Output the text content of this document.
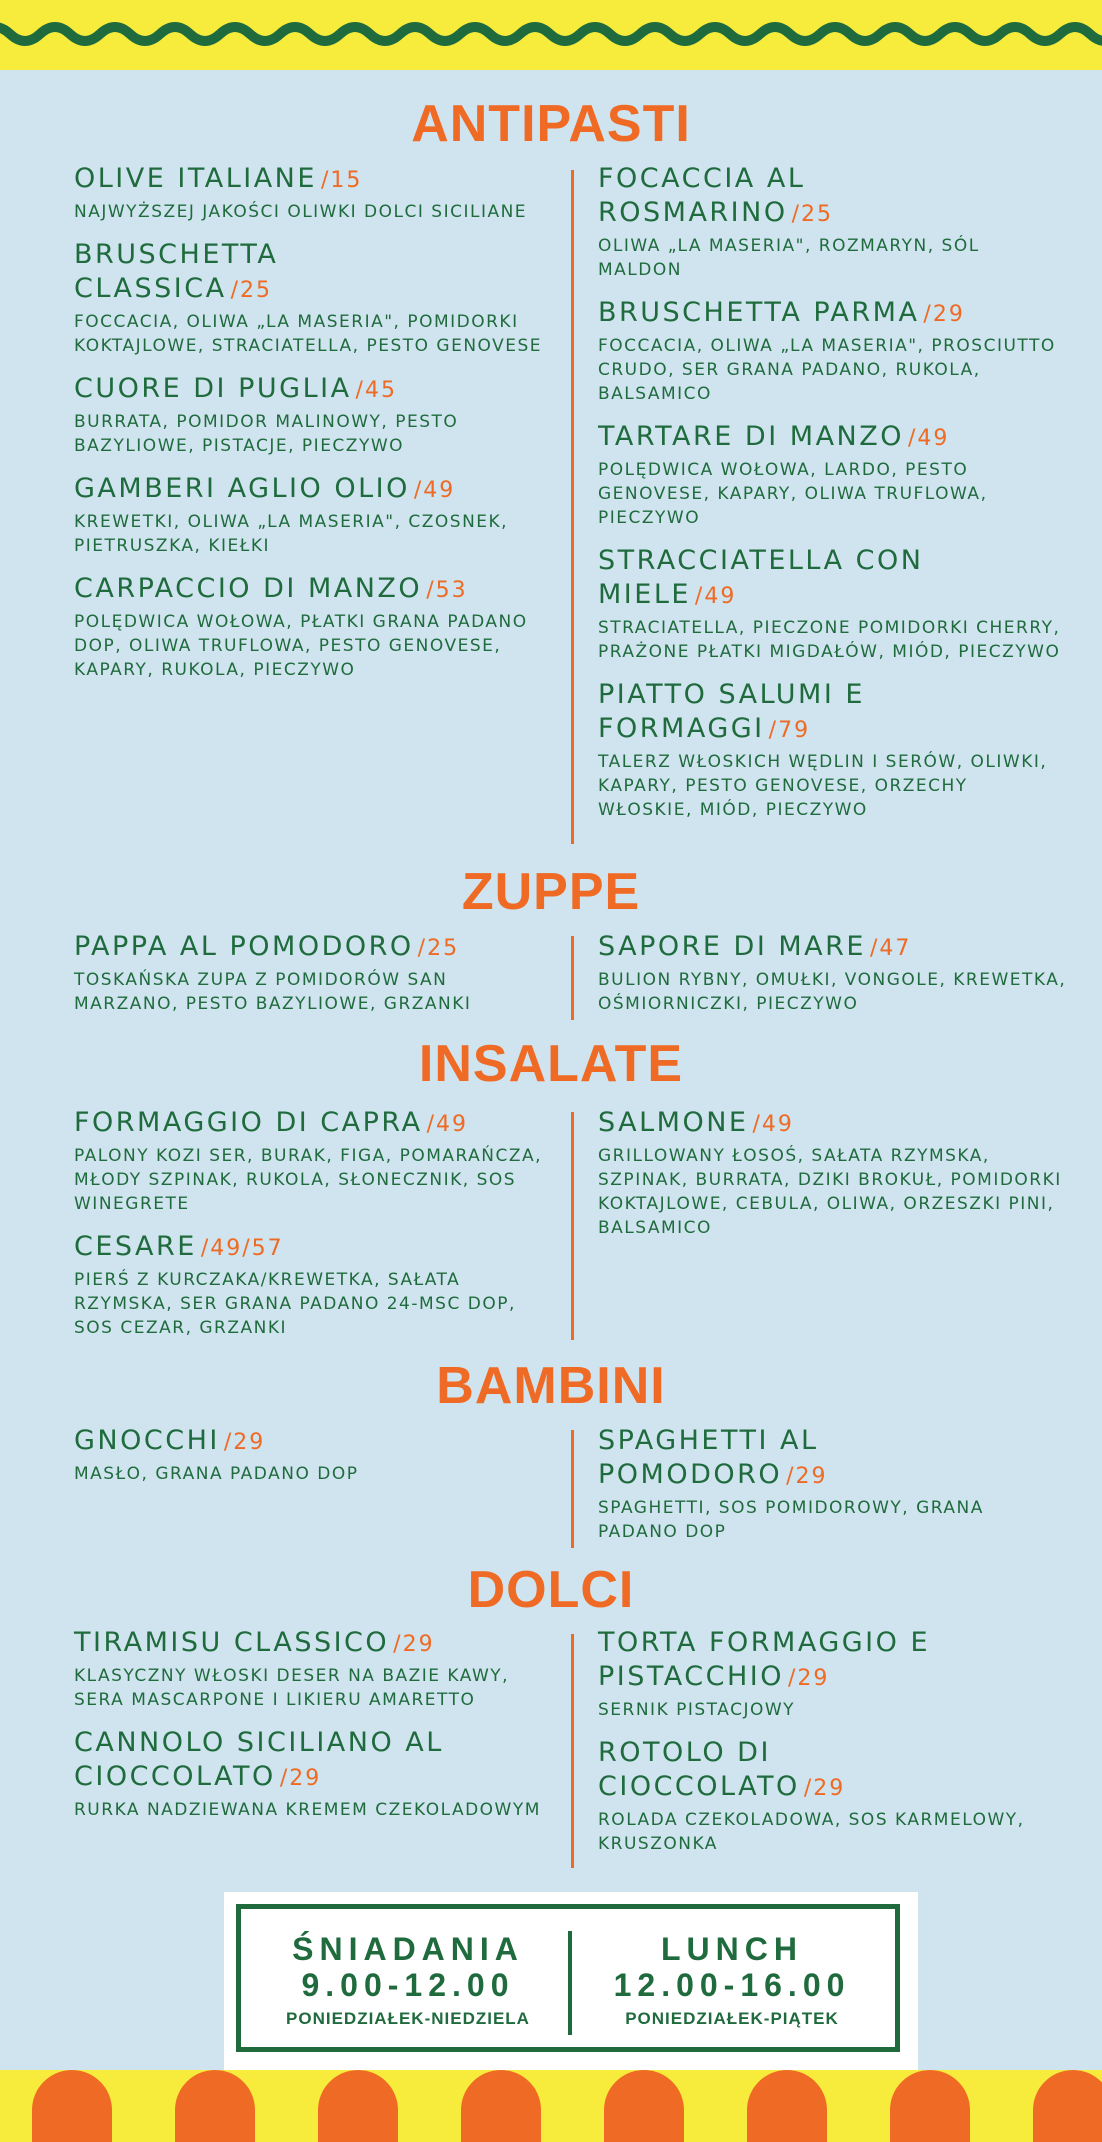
ANTIPASTI
OLIVE ITALIANE /15
NAJWYŻSZEJ JAKOŚCI OLIWKI DOLCI SICILIANE
BRUSCHETTA CLASSICA /25
FOCCACIA, OLIWA „LA MASERIA", POMIDORKI KOKTAJLOWE, STRACIATELLA, PESTO GENOVESE
CUORE DI PUGLIA /45
BURRATA, POMIDOR MALINOWY, PESTO BAZYLIOWE, PISTACJE, PIECZYWO
GAMBERI AGLIO OLIO /49
KREWETKI, OLIWA „LA MASERIA", CZOSNEK, PIETRUSZKA, KIEŁKI
CARPACCIO DI MANZO /53
POLĘDWICA WOŁOWA, PŁATKI GRANA PADANO DOP, OLIWA TRUFLOWA, PESTO GENOVESE, KAPARY, RUKOLA, PIECZYWO
FOCACCIA AL ROSMARINO /25
OLIWA „LA MASERIA", ROZMARYN, SÓL MALDON
BRUSCHETTA PARMA /29
FOCCACIA, OLIWA „LA MASERIA", PROSCIUTTO CRUDO, SER GRANA PADANO, RUKOLA, BALSAMICO
TARTARE DI MANZO /49
POLĘDWICA WOŁOWA, LARDO, PESTO GENOVESE, KAPARY, OLIWA TRUFLOWA, PIECZYWO
STRACCIATELLA CON MIELE /49
STRACIATELLA, PIECZONE POMIDORKI CHERRY, PRAŻONE PŁATKI MIGDAŁÓW, MIÓD, PIECZYWO
PIATTO SALUMI E FORMAGGI /79
TALERZ WŁOSKICH WĘDLIN I SERÓW, OLIWKI, KAPARY, PESTO GENOVESE, ORZECHY WŁOSKIE, MIÓD, PIECZYWO
ZUPPE
PAPPA AL POMODORO /25
TOSKAŃSKA ZUPA Z POMIDORÓW SAN MARZANO, PESTO BAZYLIOWE, GRZANKI
SAPORE DI MARE /47
BULION RYBNY, OMUŁKI, VONGOLE, KREWETKA, OŚMIORNICZKI, PIECZYWO
INSALATE
FORMAGGIO DI CAPRA /49
PALONY KOZI SER, BURAK, FIGA, POMARAŃCZA, MŁODY SZPINAK, RUKOLA, SŁONECZNIK, SOS WINEGRETE
CESARE /49/57
PIERŚ Z KURCZAKA/KREWETKA, SAŁATA RZYMSKA, SER GRANA PADANO 24-MSC DOP, SOS CEZAR, GRZANKI
SALMONE /49
GRILLOWANY ŁOSOŚ, SAŁATA RZYMSKA, SZPINAK, BURRATA, DZIKI BROKUŁ, POMIDORKI KOKTAJLOWE, CEBULA, OLIWA, ORZESZKI PINI, BALSAMICO
BAMBINI
GNOCCHI /29
MASŁO, GRANA PADANO DOP
SPAGHETTI AL POMODORO /29
SPAGHETTI, SOS POMIDOROWY, GRANA PADANO DOP
DOLCI
TIRAMISU CLASSICO /29
KLASYCZNY WŁOSKI DESER NA BAZIE KAWY, SERA MASCARPONE I LIKIERU AMARETTO
CANNOLO SICILIANO AL CIOCCOLATO /29
RURKA NADZIEWANA KREMEM CZEKOLADOWYM
TORTA FORMAGGIO E PISTACCHIO /29
SERNIK PISTACJOWY
ROTOLO DI CIOCCOLATO /29
ROLADA CZEKOLADOWA, SOS KARMELOWY, KRUSZONKA
ŚNIADANIA
9.00-12.00
PONIEDZIAŁEK-NIEDZIELA
LUNCH
12.00-16.00
PONIEDZIAŁEK-PIĄTEK
